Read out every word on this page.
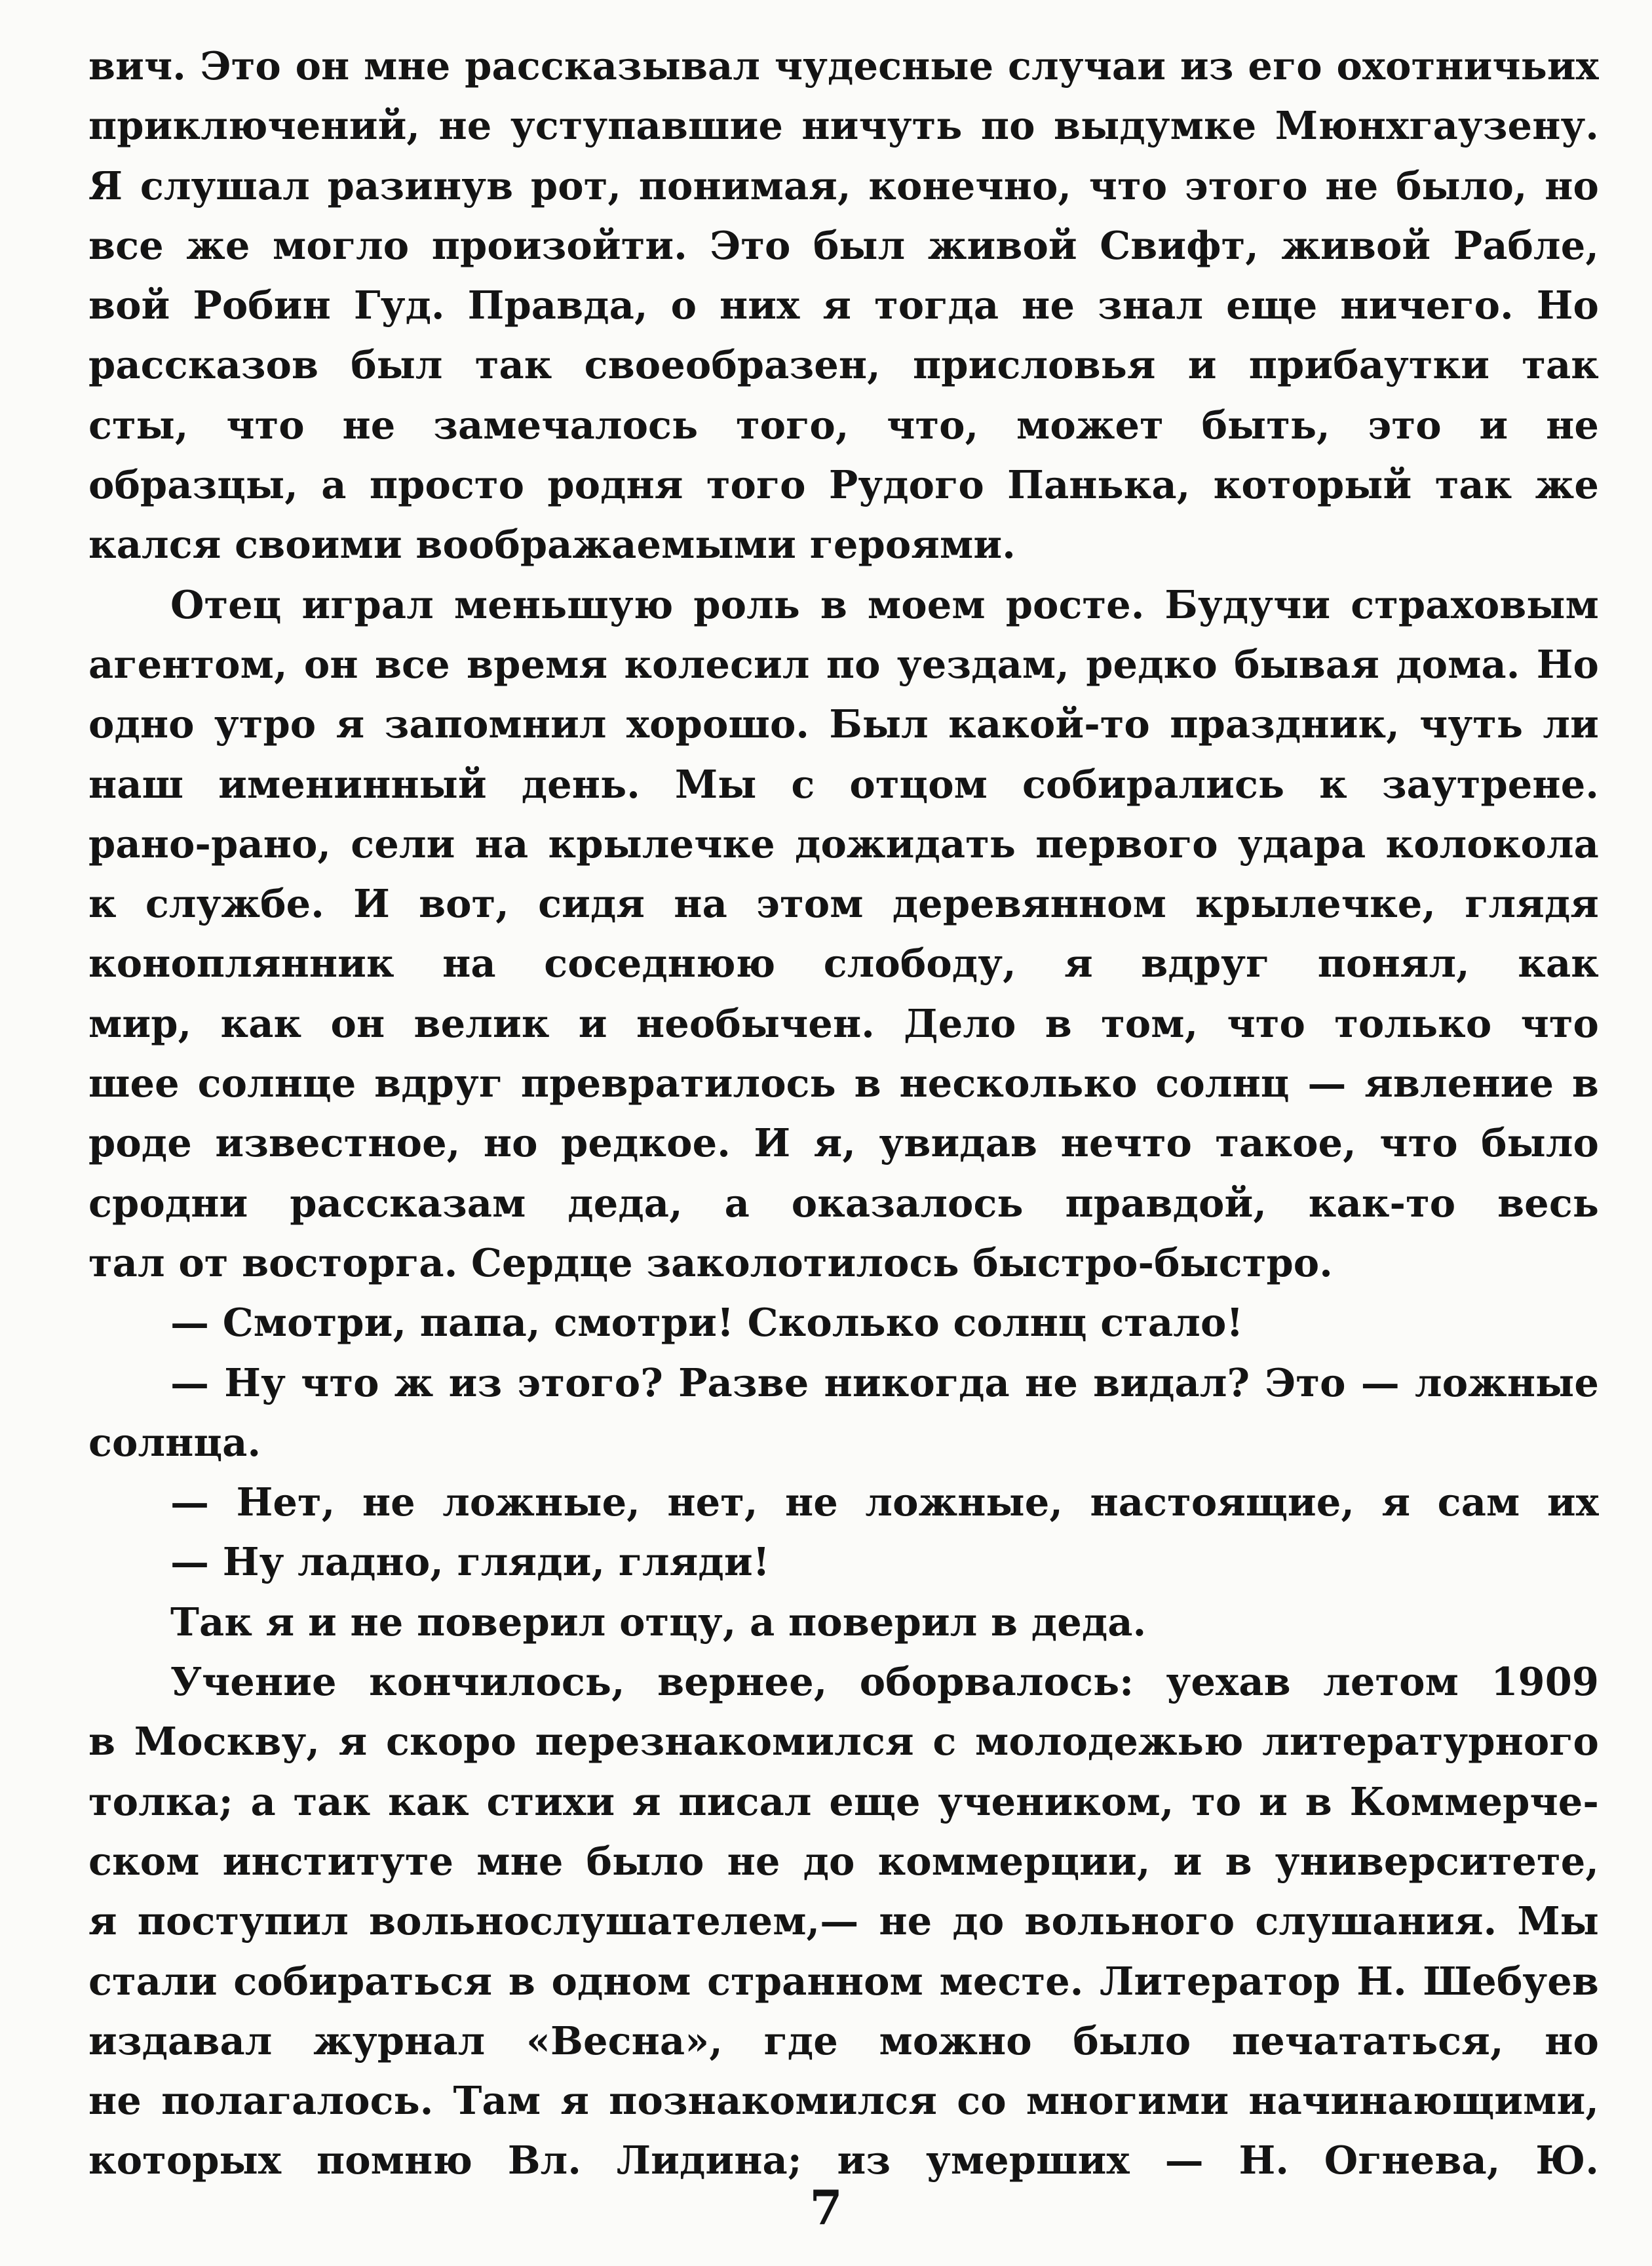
вич. Это он мне рассказывал чудесные случаи из его охотничьих
приключений, не уступавшие ничуть по выдумке Мюнхгаузену.
Я слушал разинув рот, понимая, конечно, что этого не было, но
все же могло произойти. Это был живой Свифт, живой Рабле,
вой Робин Гуд. Правда, о них я тогда не знал еще ничего. Но
рассказов был так своеобразен, присловья и прибаутки так
сты, что не замечалось того, что, может быть, это и не
образцы, а просто родня того Рудого Панька, который так же
кался своими воображаемыми героями.
Отец играл меньшую роль в моем росте. Будучи страховым
агентом, он все время колесил по уездам, редко бывая дома. Но
одно утро я запомнил хорошо. Был какой-то праздник, чуть ли
наш именинный день. Мы с отцом собирались к заутрене.
рано-рано, сели на крылечке дожидать первого удара колокола
к службе. И вот, сидя на этом деревянном крылечке, глядя
коноплянник на соседнюю слободу, я вдруг понял, как
мир, как он велик и необычен. Дело в том, что только что
шее солнце вдруг превратилось в несколько солнц — явление в
роде известное, но редкое. И я, увидав нечто такое, что было
сродни рассказам деда, а оказалось правдой, как-то весь
тал от восторга. Сердце заколотилось быстро-быстро.
— Смотри, папа, смотри! Сколько солнц стало!
— Ну что ж из этого? Разве никогда не видал? Это — ложные
солнца.
— Нет, не ложные, нет, не ложные, настоящие, я сам их
— Ну ладно, гляди, гляди!
Так я и не поверил отцу, а поверил в деда.
Учение кончилось, вернее, оборвалось: уехав летом 1909
в Москву, я скоро перезнакомился с молодежью литературного
толка; а так как стихи я писал еще учеником, то и в Коммерче-
ском институте мне было не до коммерции, и в университете,
я поступил вольнослушателем,— не до вольного слушания. Мы
стали собираться в одном странном месте. Литератор Н. Шебуев
издавал журнал «Весна», где можно было печататься, но
не полагалось. Там я познакомился со многими начинающими,
которых помню Вл. Лидина; из умерших — Н. Огнева, Ю.
7
